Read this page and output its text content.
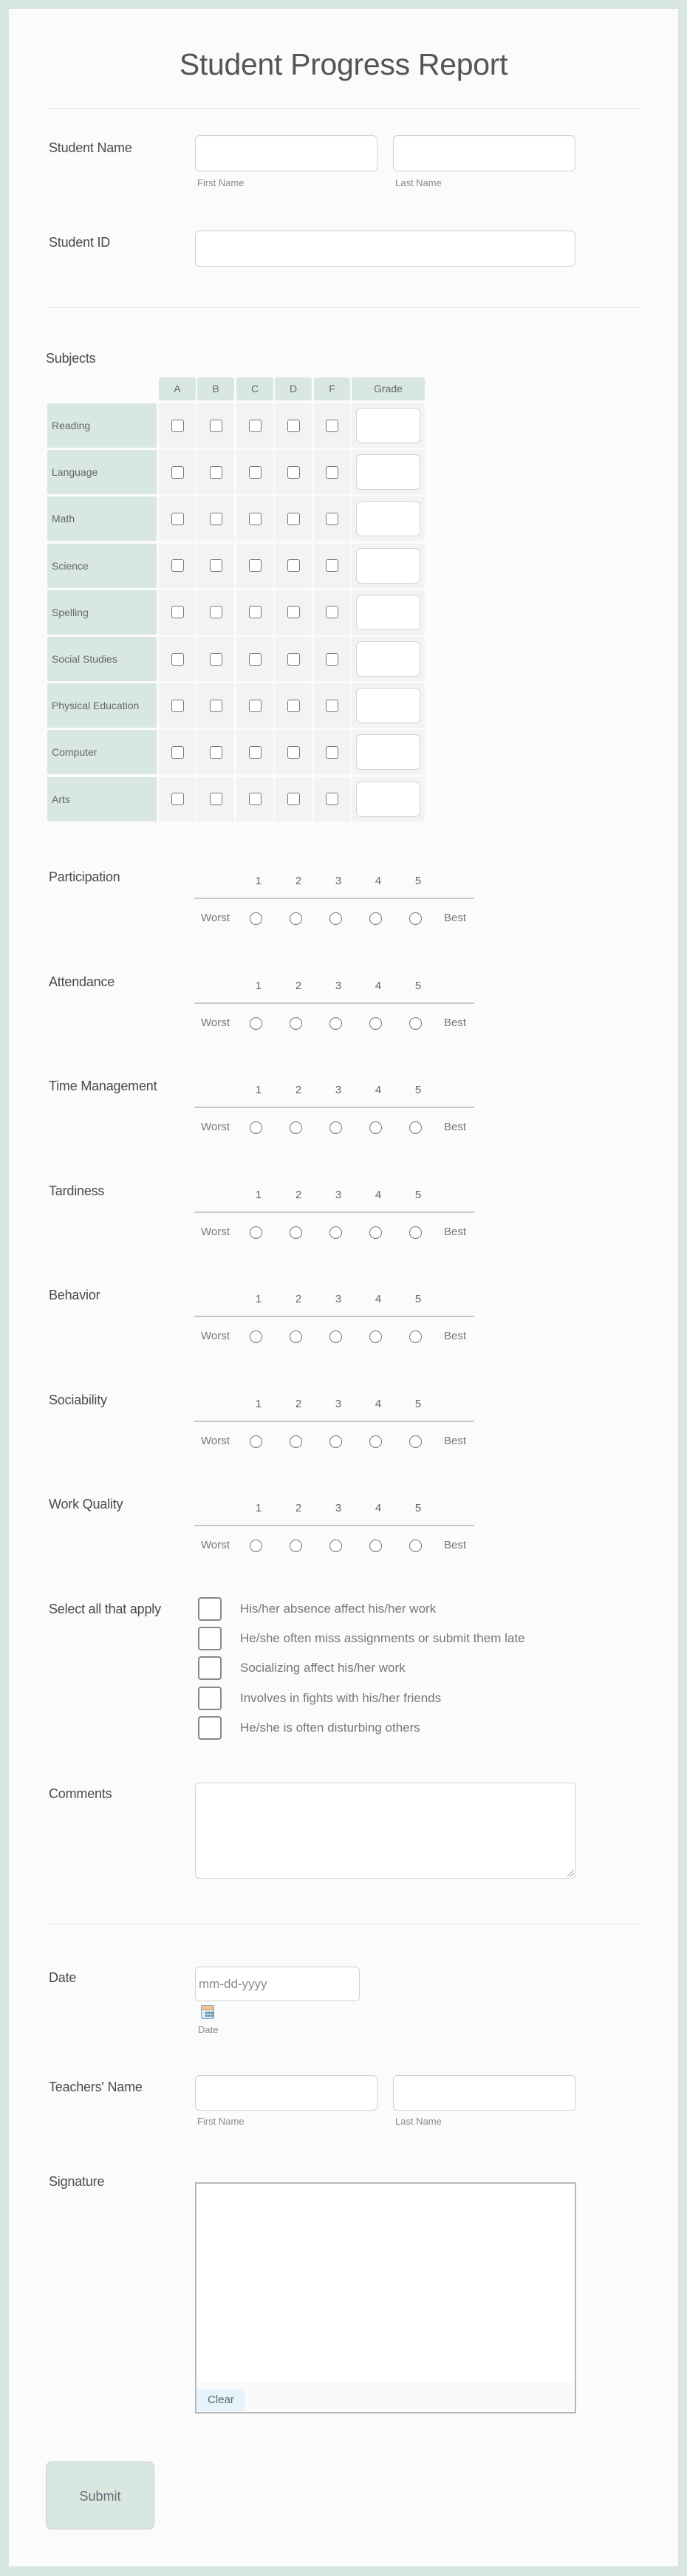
Student Progress Report
Student Name
First Name	Last Name
Student ID
Subjects
A	B	C	D	F	Grade
Reading
Language
Math
Science
Spelling
Social Studies
Physical Education
Computer
Arts
Participation	1	2	3	4	5
Worst	Best
Attendance	1	2	3	4	5
Worst	Best
Time Management	1	2	3	4	5
Worst	Best
Tardiness	1	2	3	4	5
Worst	Best
Behavior	1	2	3	4	5
Worst	Best
Sociability	1	2	3	4	5
Worst	Best
Work Quality	1	2	3	4	5
Worst	Best
Select all that apply	His/her absence affect his/her work
He/she often miss assignments or submit them late
Socializing affect his/her work
Involves in fights with his/her friends
He/she is often disturbing others
Comments
Date	mm-dd-yyyy
Date
Teachers' Name
First Name	Last Name
Signature
Clear
Submit
